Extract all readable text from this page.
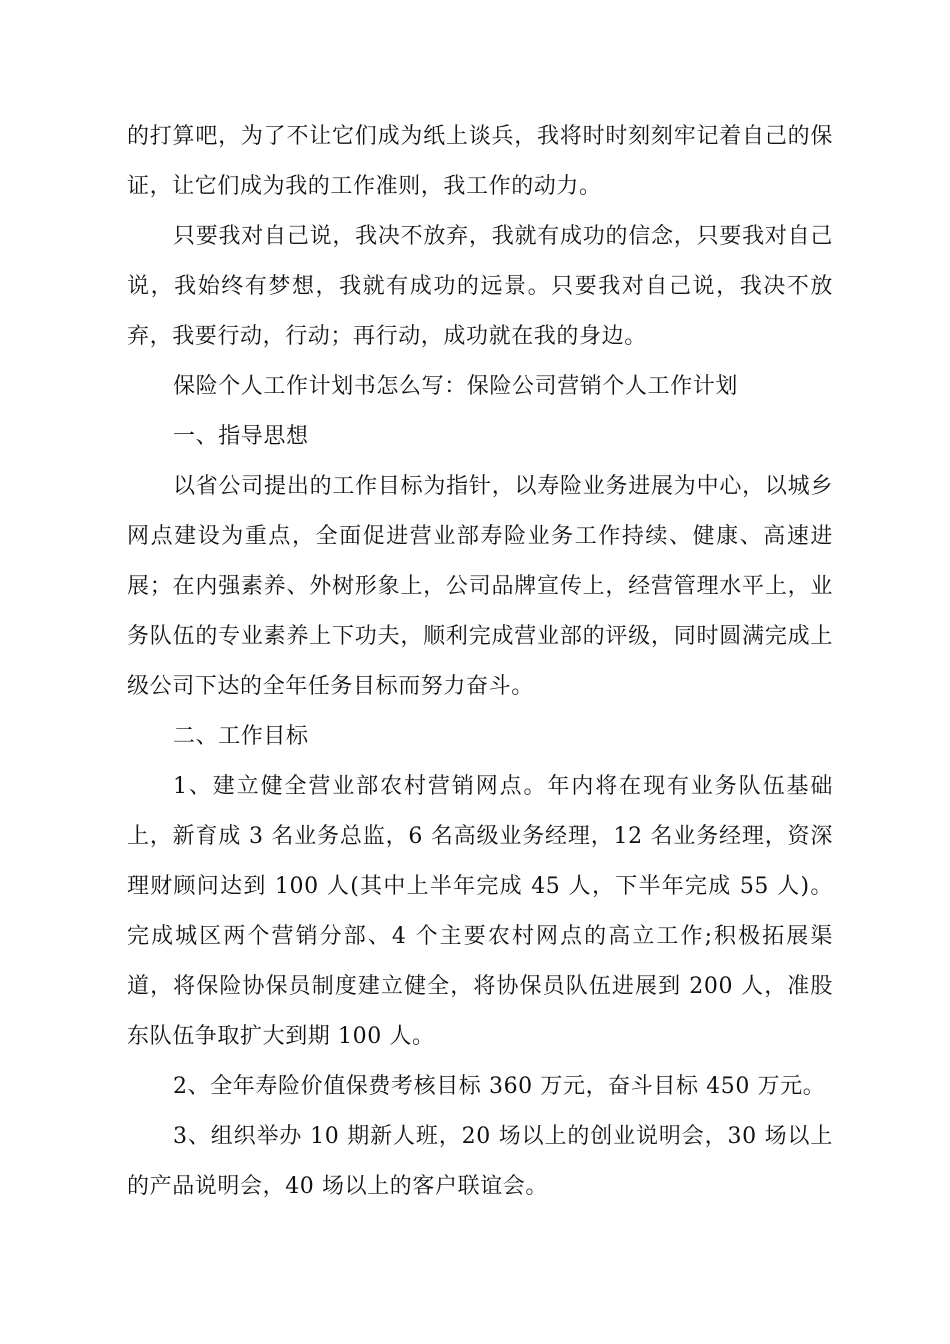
的打算吧，为了不让它们成为纸上谈兵，我将时时刻刻牢记着自己的保证，让它们成为我的工作准则，我工作的动力。

只要我对自己说，我决不放弃，我就有成功的信念，只要我对自己说，我始终有梦想，我就有成功的远景。只要我对自己说，我决不放弃，我要行动，行动；再行动，成功就在我的身边。

保险个人工作计划书怎么写：保险公司营销个人工作计划

一、指导思想

以省公司提出的工作目标为指针，以寿险业务进展为中心，以城乡网点建设为重点，全面促进营业部寿险业务工作持续、健康、高速进展；在内强素养、外树形象上，公司品牌宣传上，经营管理水平上，业务队伍的专业素养上下功夫，顺利完成营业部的评级，同时圆满完成上级公司下达的全年任务目标而努力奋斗。

二、工作目标

1、建立健全营业部农村营销网点。年内将在现有业务队伍基础上，新育成 3 名业务总监，6 名高级业务经理，12 名业务经理，资深理财顾问达到 100 人(其中上半年完成 45 人，下半年完成 55 人)。完成城区两个营销分部、4 个主要农村网点的高立工作;积极拓展渠道，将保险协保员制度建立健全，将协保员队伍进展到 200 人，准股东队伍争取扩大到期 100 人。

2、全年寿险价值保费考核目标 360 万元，奋斗目标 450 万元。

3、组织举办 10 期新人班，20 场以上的创业说明会，30 场以上的产品说明会，40 场以上的客户联谊会。
